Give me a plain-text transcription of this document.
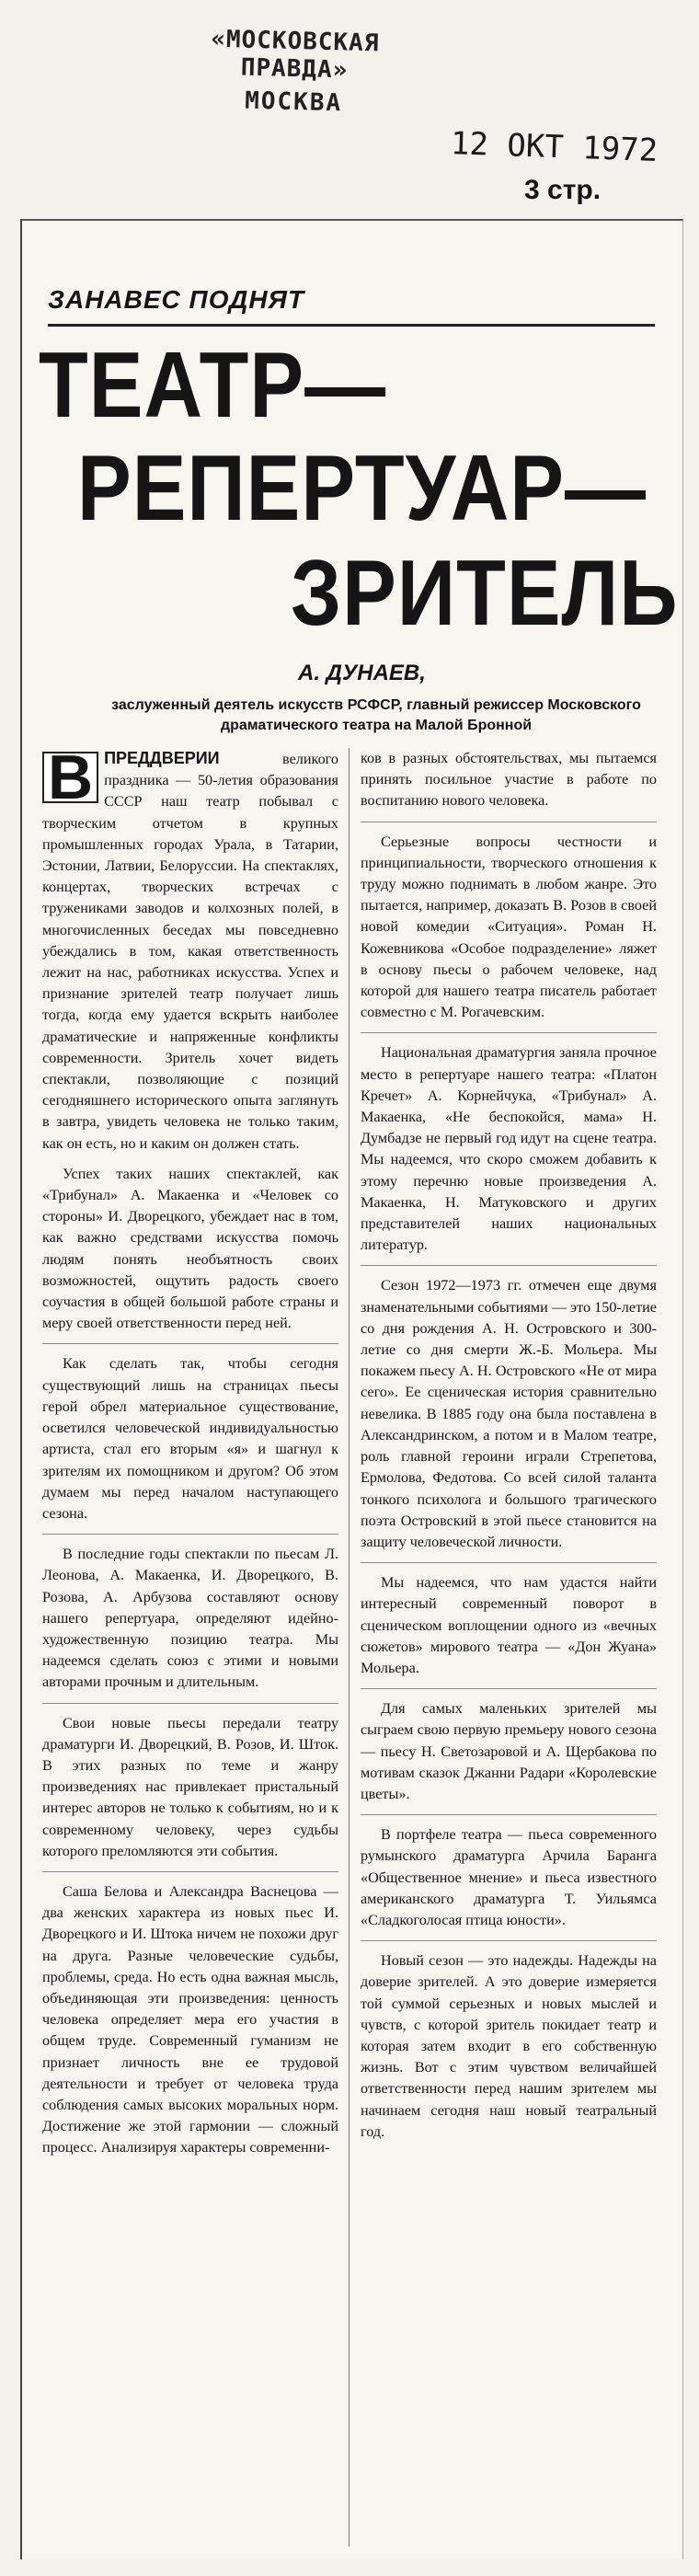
«МОСКОВСКАЯ ПРАВДА»
МОСКВА
12 ОКТ 1972
3 стр.
ЗАНАВЕС ПОДНЯТ
ТЕАТР—
РЕПЕРТУАР—
ЗРИТЕЛЬ
А. ДУНАЕВ,
заслуженный деятель искусств РСФСР, главный режиссер Московского драматического театра на Малой Бронной

В ПРЕДДВЕРИИ	великого праздника — 50-летия образования СССР наш театр побывал с творческим отчетом в крупных промышленных городах Урала, в Татарии, Эстонии, Латвии, Белоруссии. На спектаклях, концертах, творческих встречах с тружениками заводов и колхозных полей, в многочисленных беседах мы повседневно убеждались в том, какая ответственность лежит на нас, работниках искусства. Успех и признание зрителей театр получает лишь тогда, когда ему удается вскрыть наиболее драматические и напряженные конфликты современности. Зритель хочет видеть спектакли, позволяющие с позиций сегодняшнего исторического опыта заглянуть в завтра, увидеть человека не только таким, как он есть, но и каким он должен стать.

Успех таких наших спектаклей, как «Трибунал» А. Макаенка и «Человек со стороны» И. Дворецкого, убеждает нас в том, как важно средствами искусства помочь людям понять необъятность своих возможностей, ощутить радость своего соучастия в общей большой работе страны и меру своей ответственности перед ней.

Как сделать так, чтобы сегодня существующий лишь на страницах пьесы герой обрел материальное существование, осветился человеческой индивидуальностью артиста, стал его вторым «я» и шагнул к зрителям их помощником и другом? Об этом думаем мы перед началом наступающего сезона.

В последние годы спектакли по пьесам Л. Леонова, А. Макаенка, И. Дворецкого, В. Розова, А. Арбузова составляют основу нашего репертуара, определяют идейно-художественную позицию театра. Мы надеемся сделать союз с этими и новыми авторами прочным и длительным.

Свои новые пьесы передали театру драматурги И. Дворецкий, В. Розов, И. Шток. В этих разных по теме и жанру произведениях нас привлекает пристальный интерес авторов не только к событиям, но и к современному человеку, через судьбы которого преломляются эти события.

Саша Белова и Александра Васнецова — два женских характера из новых пьес И. Дворецкого и И. Штока ничем не похожи друг на друга. Разные человеческие судьбы, проблемы, среда. Но есть одна важная мысль, объединяющая эти произведения: ценность человека определяет мера его участия в общем труде. Современный гуманизм не признает личность вне ее трудовой деятельности и требует от человека труда соблюдения самых высоких моральных норм. Достижение же этой гармонии — сложный процесс. Анализируя характеры современни-

ков в разных обстоятельствах, мы пытаемся принять посильное участие в работе по воспитанию нового человека.

Серьезные вопросы честности и принципиальности, творческого отношения к труду можно поднимать в любом жанре. Это пытается, например, доказать В. Розов в своей новой комедии «Ситуация». Роман Н. Кожевникова «Особое подразделение» ляжет в основу пьесы о рабочем человеке, над которой для нашего театра писатель работает совместно с М. Рогачевским.

Национальная драматургия заняла прочное место в репертуаре нашего театра: «Платон Кречет» А. Корнейчука, «Трибунал» А. Макаенка, «Не беспокойся, мама» Н. Думбадзе не первый год идут на сцене театра. Мы надеемся, что скоро сможем добавить к этому перечню новые произведения А. Макаенка, Н. Матуковского и других представителей наших национальных литератур.

Сезон 1972—1973 гг. отмечен еще двумя знаменательными событиями — это 150-летие со дня рождения А. Н. Островского и 300-летие со дня смерти Ж.-Б. Мольера. Мы покажем пьесу А. Н. Островского «Не от мира сего». Ее сценическая история сравнительно невелика. В 1885 году она была поставлена в Александринском, а потом и в Малом театре, роль главной героини играли Стрепетова, Ермолова, Федотова. Со всей силой таланта тонкого психолога и большого трагического поэта Островский в этой пьесе становится на защиту человеческой личности.

Мы надеемся, что нам удастся найти интересный современный поворот в сценическом воплощении одного из «вечных сюжетов» мирового театра — «Дон Жуана» Мольера.

Для самых маленьких зрителей мы сыграем свою первую премьеру нового сезона — пьесу Н. Светозаровой и А. Щербакова по мотивам сказок Джанни Радари «Королевские цветы».

В портфеле театра — пьеса современного румынского драматурга Арчила Баранга «Общественное мнение» и пьеса известного американского драматурга Т. Уильямса «Сладкоголосая птица юности».

Новый сезон — это надежды. Надежды на доверие зрителей. А это доверие измеряется той суммой серьезных и новых мыслей и чувств, с которой зритель покидает театр и которая затем входит в его собственную жизнь. Вот с этим чувством величайшей ответственности перед нашим зрителем мы начинаем сегодня наш новый театральный год.
